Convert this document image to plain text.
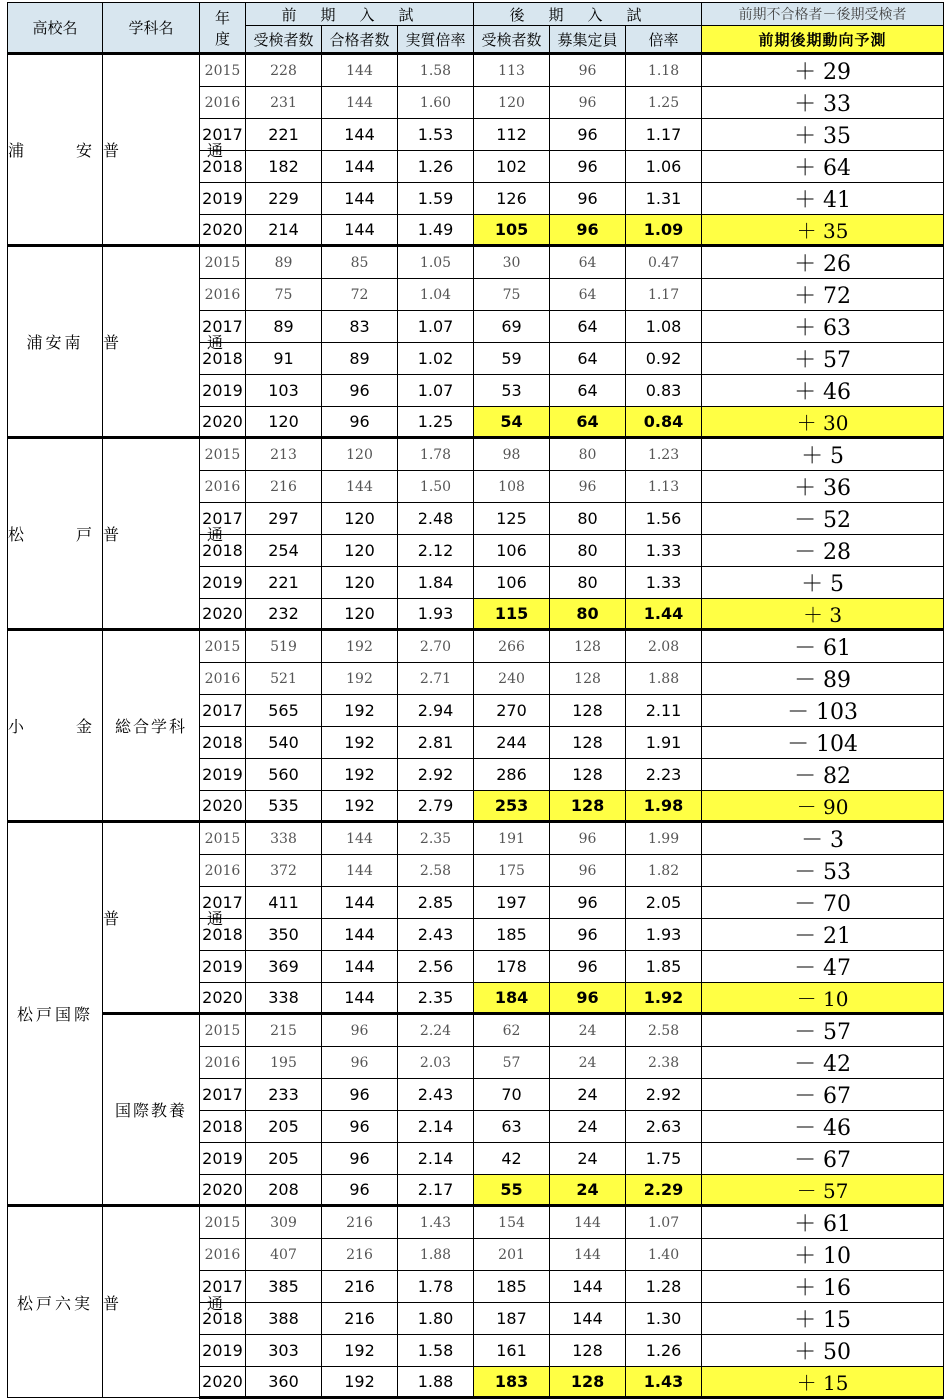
高校名	学科名	年度	前期入試			後期入試			前期不合格者－後期受検者
			受検者数	合格者数	実質倍率	受検者数	募集定員	倍率	前期後期動向予測
浦　安	普　通	2015	228	144	1.58	113	96	1.18	＋ 29
		2016	231	144	1.60	120	96	1.25	＋ 33
		2017	221	144	1.53	112	96	1.17	＋ 35
		2018	182	144	1.26	102	96	1.06	＋ 64
		2019	229	144	1.59	126	96	1.31	＋ 41
		2020	214	144	1.49	105	96	1.09	＋ 35
浦安南	普　通	2015	89	85	1.05	30	64	0.47	＋ 26
		2016	75	72	1.04	75	64	1.17	＋ 72
		2017	89	83	1.07	69	64	1.08	＋ 63
		2018	91	89	1.02	59	64	0.92	＋ 57
		2019	103	96	1.07	53	64	0.83	＋ 46
		2020	120	96	1.25	54	64	0.84	＋ 30
松　戸	普　通	2015	213	120	1.78	98	80	1.23	＋ 5
		2016	216	144	1.50	108	96	1.13	＋ 36
		2017	297	120	2.48	125	80	1.56	－ 52
		2018	254	120	2.12	106	80	1.33	－ 28
		2019	221	120	1.84	106	80	1.33	＋ 5
		2020	232	120	1.93	115	80	1.44	＋ 3
小　金	総合学科	2015	519	192	2.70	266	128	2.08	－ 61
		2016	521	192	2.71	240	128	1.88	－ 89
		2017	565	192	2.94	270	128	2.11	－ 103
		2018	540	192	2.81	244	128	1.91	－ 104
		2019	560	192	2.92	286	128	2.23	－ 82
		2020	535	192	2.79	253	128	1.98	－ 90
松戸国際	普　通	2015	338	144	2.35	191	96	1.99	－ 3
		2016	372	144	2.58	175	96	1.82	－ 53
		2017	411	144	2.85	197	96	2.05	－ 70
		2018	350	144	2.43	185	96	1.93	－ 21
		2019	369	144	2.56	178	96	1.85	－ 47
		2020	338	144	2.35	184	96	1.92	－ 10
	国際教養	2015	215	96	2.24	62	24	2.58	－ 57
		2016	195	96	2.03	57	24	2.38	－ 42
		2017	233	96	2.43	70	24	2.92	－ 67
		2018	205	96	2.14	63	24	2.63	－ 46
		2019	205	96	2.14	42	24	1.75	－ 67
		2020	208	96	2.17	55	24	2.29	－ 57
松戸六実	普　通	2015	309	216	1.43	154	144	1.07	＋ 61
		2016	407	216	1.88	201	144	1.40	＋ 10
		2017	385	216	1.78	185	144	1.28	＋ 16
		2018	388	216	1.80	187	144	1.30	＋ 15
		2019	303	192	1.58	161	128	1.26	＋ 50
		2020	360	192	1.88	183	128	1.43	＋ 15
